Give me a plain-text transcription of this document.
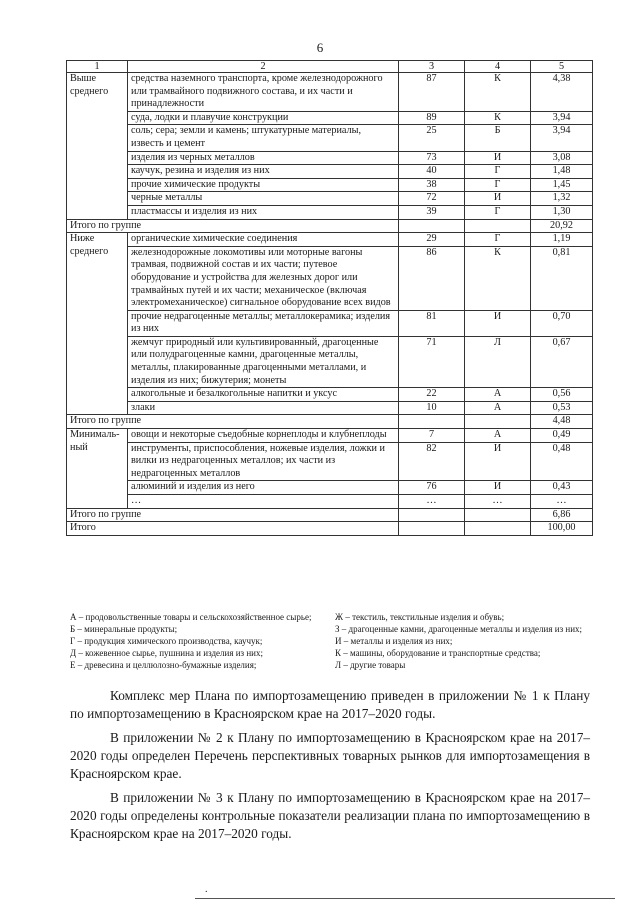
6
1	2	3	4	5
Выше среднего	средства наземного транспорта, кроме железнодорожного или трамвайного подвижного состава, и их части и принадлежности	87	К	4,38
	суда, лодки и плавучие конструкции	89	К	3,94
	соль; сера; земли и камень; штукатурные материалы, известь и цемент	25	Б	3,94
	изделия из черных металлов	73	И	3,08
	каучук, резина и изделия из них	40	Г	1,48
	прочие химические продукты	38	Г	1,45
	черные металлы	72	И	1,32
	пластмассы и изделия из них	39	Г	1,30
Итого по группе				20,92
Ниже среднего	органические химические соединения	29	Г	1,19
	железнодорожные локомотивы или моторные вагоны трамвая, подвижной состав и их части; путевое оборудование и устройства для железных дорог или трамвайных путей и их части; механическое (включая электромеханическое) сигнальное оборудование всех видов	86	К	0,81
	прочие недрагоценные металлы; металлокерамика; изделия из них	81	И	0,70
	жемчуг природный или культивированный, драгоценные или полудрагоценные камни, драгоценные металлы, металлы, плакированные драгоценными металлами, и изделия из них; бижутерия; монеты	71	Л	0,67
	алкогольные и безалкогольные напитки и уксус	22	А	0,56
	злаки	10	А	0,53
Итого по группе				4,48
Минималь-ный	овощи и некоторые съедобные корнеплоды и клубнеплоды	7	А	0,49
	инструменты, приспособления, ножевые изделия, ложки и вилки из недрагоценных металлов; их части из недрагоценных металлов	82	И	0,48
	алюминий и изделия из него	76	И	0,43
	…	…	…	…
Итого по группе				6,86
Итого				100,00
А – продовольственные товары и сельскохозяйственное сырье;
Б – минеральные продукты;
Г – продукция химического производства, каучук;
Д – кожевенное сырье, пушнина и изделия из них;
Е – древесина и целлюлозно-бумажные изделия;
Ж – текстиль, текстильные изделия и обувь;
З – драгоценные камни, драгоценные металлы и изделия из них;
И – металлы и изделия из них;
К – машины, оборудование и транспортные средства;
Л – другие товары

Комплекс мер Плана по импортозамещению приведен в приложении № 1 к Плану по импортозамещению в Красноярском крае на 2017–2020 годы.

В приложении № 2 к Плану по импортозамещению в Красноярском крае на 2017–2020 годы определен Перечень перспективных товарных рынков для импортозамещения в Красноярском крае.

В приложении № 3 к Плану по импортозамещению в Красноярском крае на 2017–2020 годы определены контрольные показатели реализации плана по импортозамещению в Красноярском крае на 2017–2020 годы.

.
